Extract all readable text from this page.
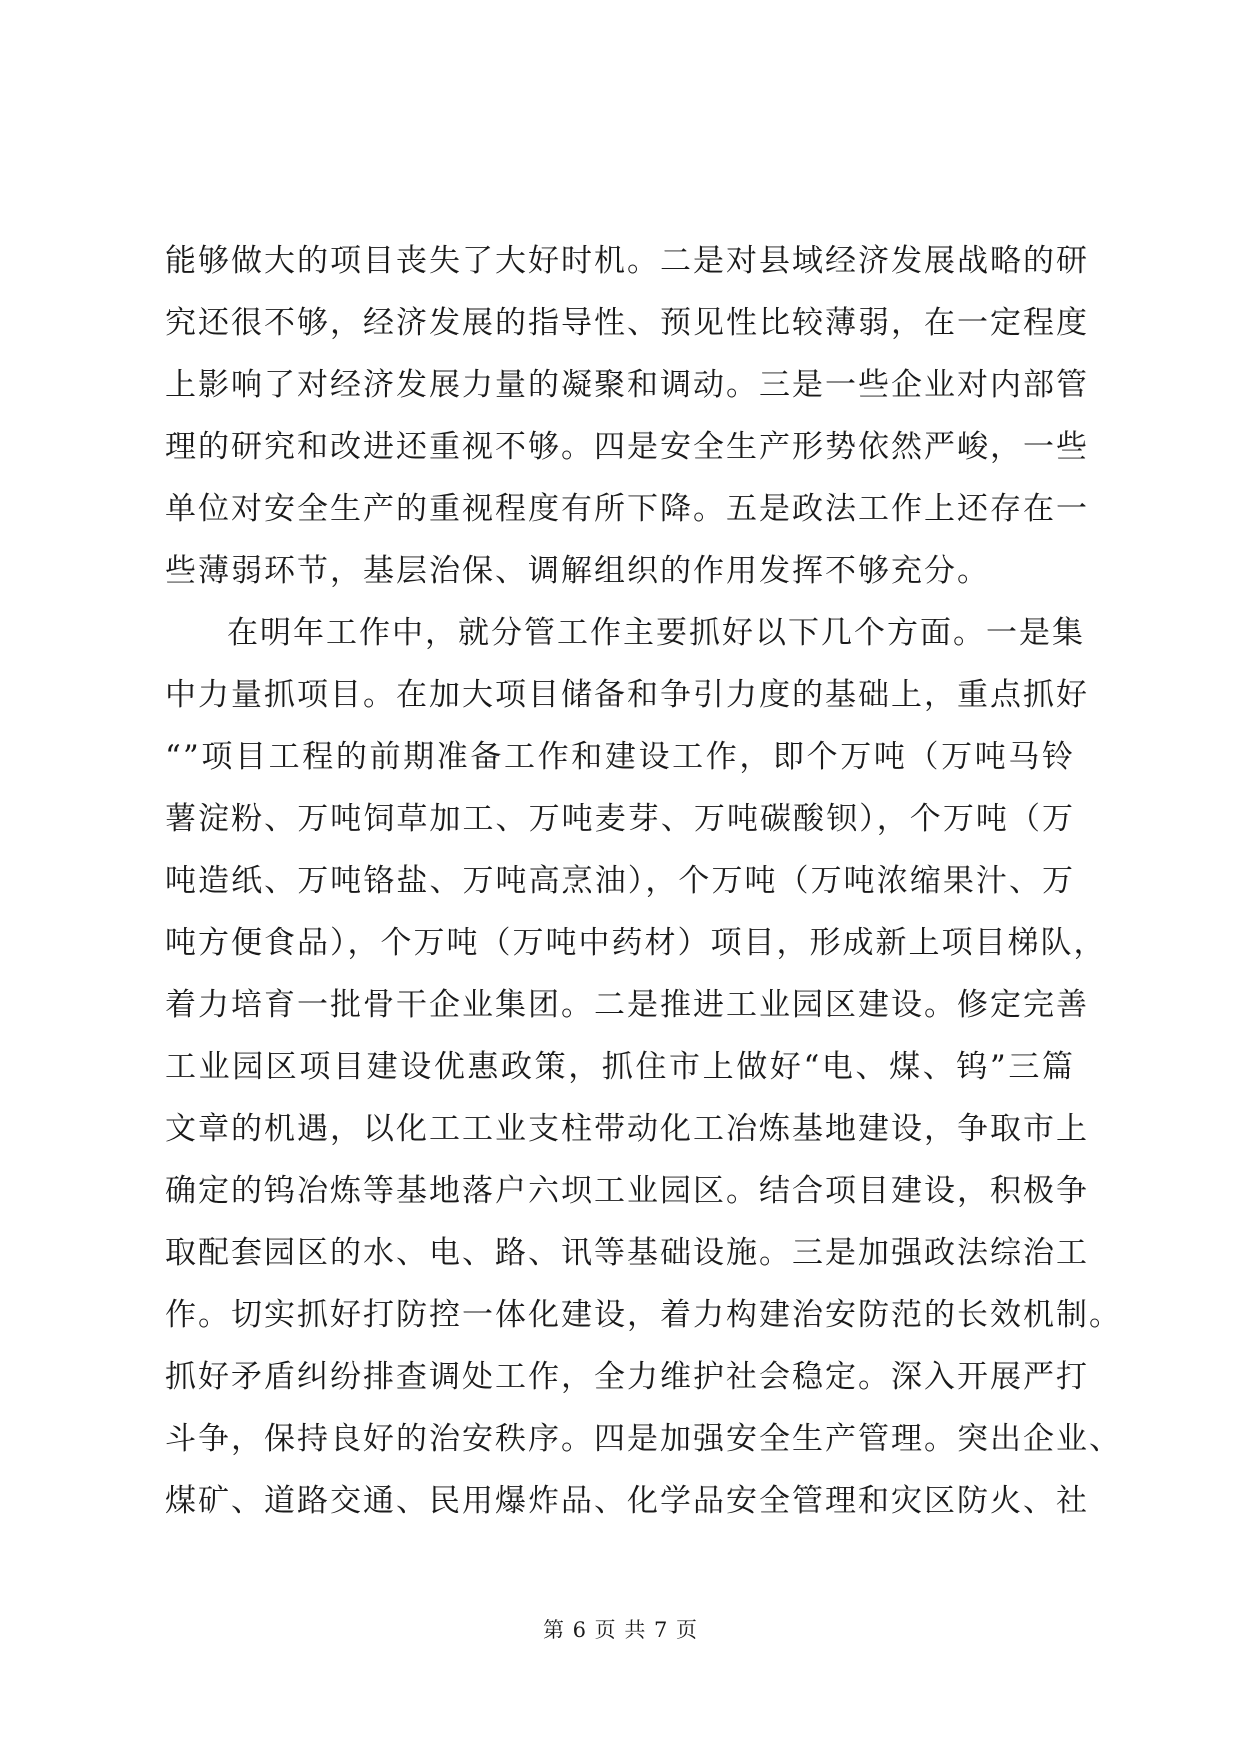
能够做大的项目丧失了大好时机。二是对县域经济发展战略的研
究还很不够，经济发展的指导性、预见性比较薄弱，在一定程度
上影响了对经济发展力量的凝聚和调动。三是一些企业对内部管
理的研究和改进还重视不够。四是安全生产形势依然严峻，一些
单位对安全生产的重视程度有所下降。五是政法工作上还存在一
些薄弱环节，基层治保、调解组织的作用发挥不够充分。

在明年工作中，就分管工作主要抓好以下几个方面。一是集
中力量抓项目。在加大项目储备和争引力度的基础上，重点抓好
“”项目工程的前期准备工作和建设工作，即个万吨（万吨马铃
薯淀粉、万吨饲草加工、万吨麦芽、万吨碳酸钡），个万吨（万
吨造纸、万吨铬盐、万吨高烹油），个万吨（万吨浓缩果汁、万
吨方便食品），个万吨（万吨中药材）项目，形成新上项目梯队，
着力培育一批骨干企业集团。二是推进工业园区建设。修定完善
工业园区项目建设优惠政策，抓住市上做好“电、煤、钨”三篇
文章的机遇，以化工工业支柱带动化工冶炼基地建设，争取市上
确定的钨冶炼等基地落户六坝工业园区。结合项目建设，积极争
取配套园区的水、电、路、讯等基础设施。三是加强政法综治工
作。切实抓好打防控一体化建设，着力构建治安防范的长效机制。
抓好矛盾纠纷排查调处工作，全力维护社会稳定。深入开展严打
斗争，保持良好的治安秩序。四是加强安全生产管理。突出企业、
煤矿、道路交通、民用爆炸品、化学品安全管理和灾区防火、社

第 6 页 共 7 页
